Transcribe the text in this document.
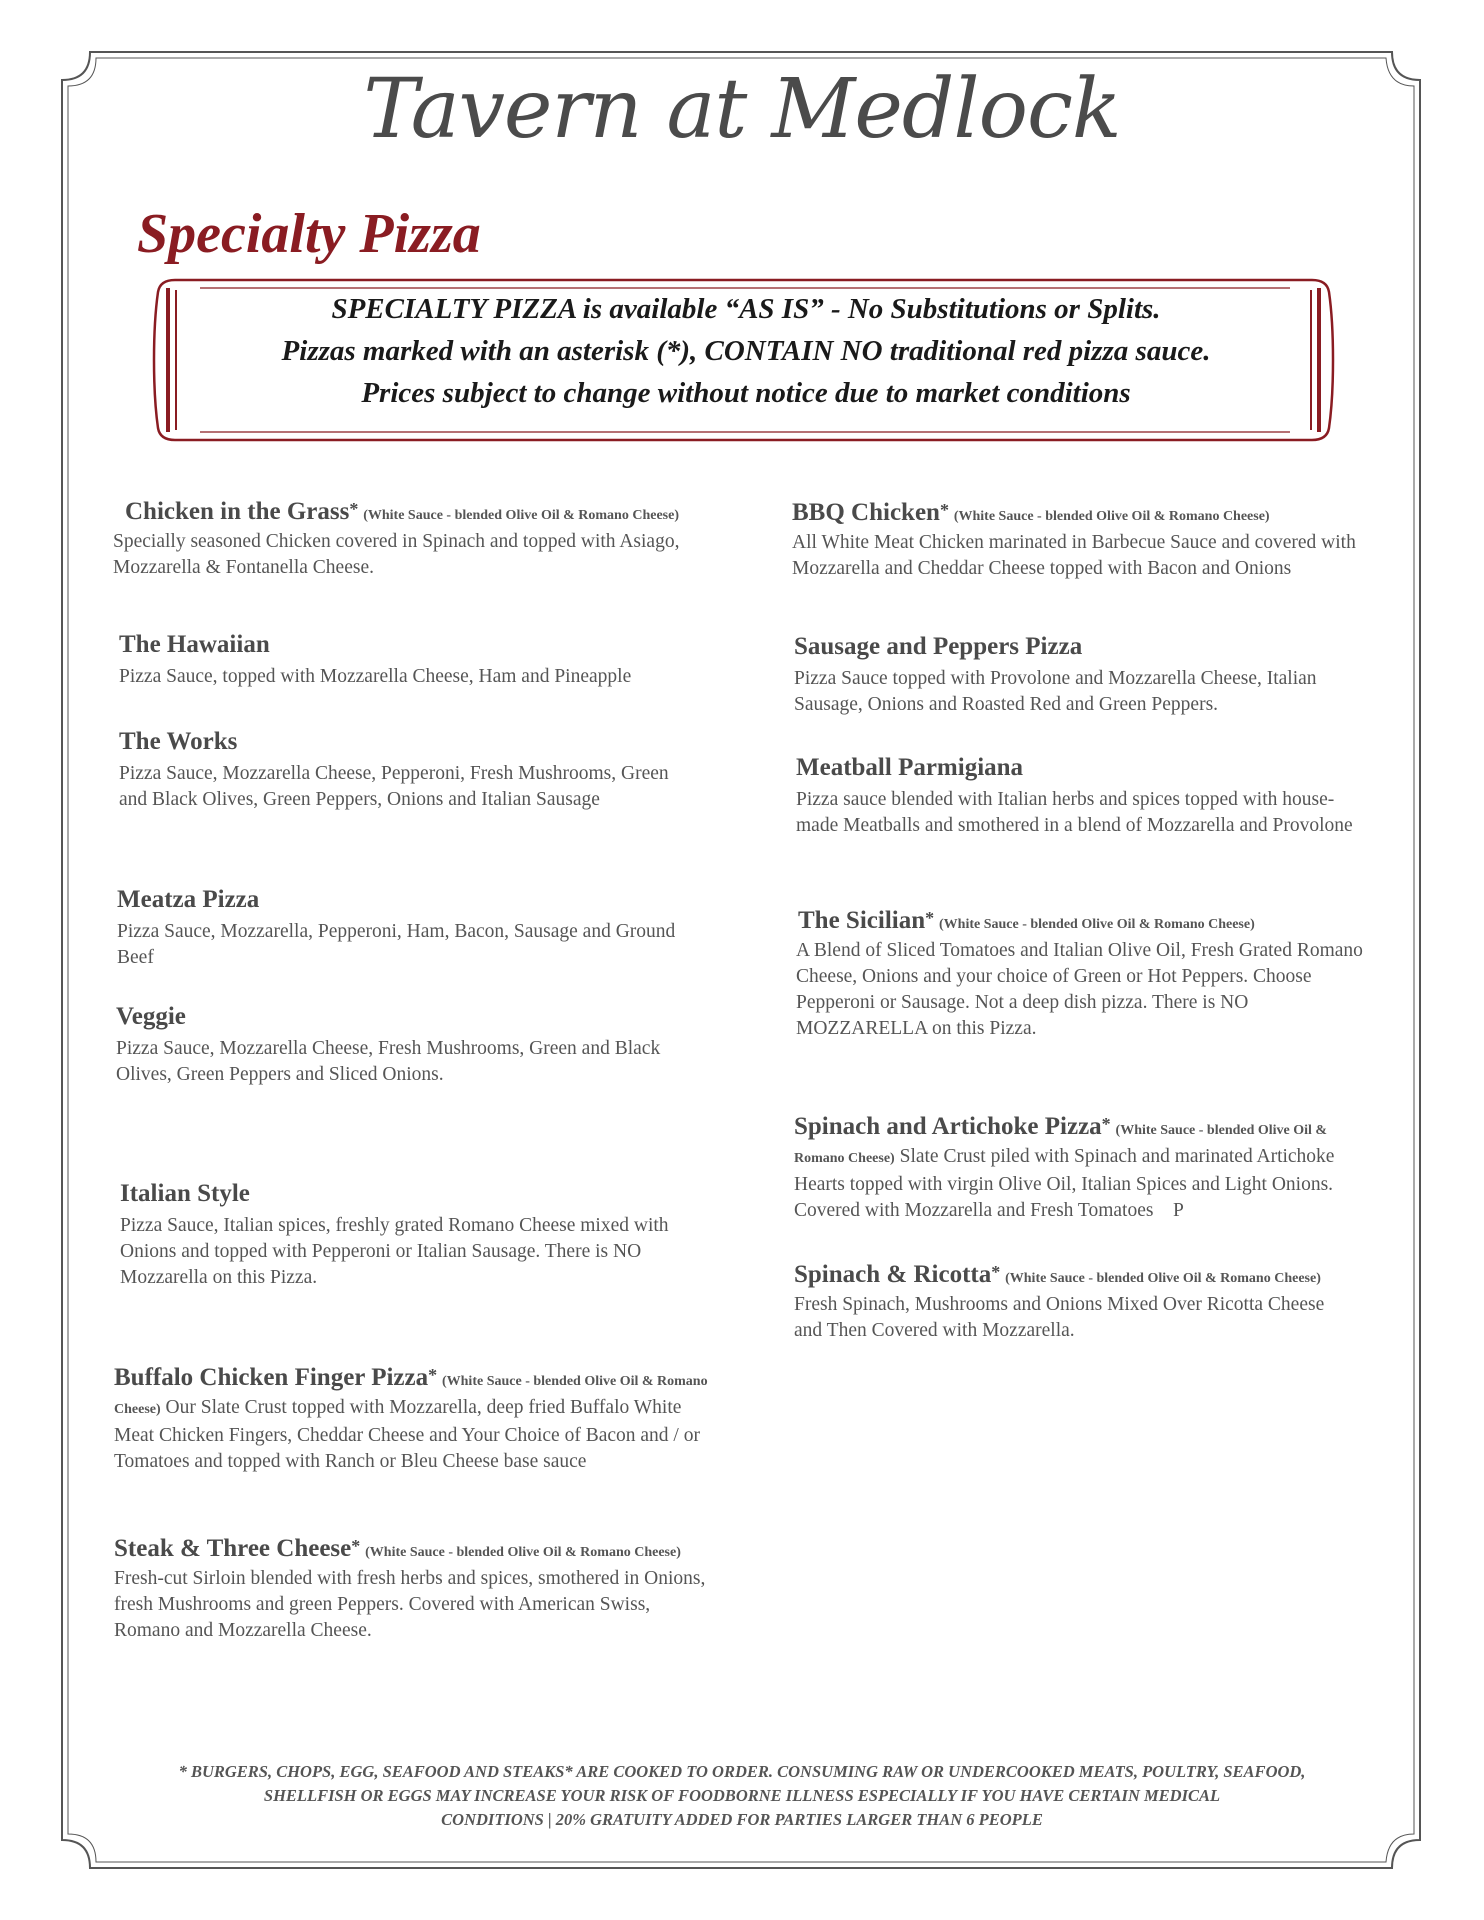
Tavern at Medlock
Specialty Pizza
SPECIALTY PIZZA is available “AS IS” - No Substitutions or Splits.
Pizzas marked with an asterisk (*), CONTAIN NO traditional red pizza sauce.
Prices subject to change without notice due to market conditions
Chicken in the Grass* (White Sauce - blended Olive Oil & Romano Cheese) Specially seasoned Chicken covered in Spinach and topped with Asiago, Mozzarella & Fontanella Cheese.
The Hawaiian
Pizza Sauce, topped with Mozzarella Cheese, Ham and Pineapple
The Works
Pizza Sauce, Mozzarella Cheese, Pepperoni, Fresh Mushrooms, Green and Black Olives, Green Peppers, Onions and Italian Sausage
Meatza Pizza
Pizza Sauce, Mozzarella, Pepperoni, Ham, Bacon, Sausage and Ground Beef
Veggie
Pizza Sauce, Mozzarella Cheese, Fresh Mushrooms, Green and Black Olives, Green Peppers and Sliced Onions.
Italian Style
Pizza Sauce, Italian spices, freshly grated Romano Cheese mixed with Onions and topped with Pepperoni or Italian Sausage. There is NO Mozzarella on this Pizza.
Buffalo Chicken Finger Pizza* (White Sauce - blended Olive Oil & Romano Cheese) Our Slate Crust topped with Mozzarella, deep fried Buffalo White Meat Chicken Fingers, Cheddar Cheese and Your Choice of Bacon and / or Tomatoes and topped with Ranch or Bleu Cheese base sauce
Steak & Three Cheese* (White Sauce - blended Olive Oil & Romano Cheese) Fresh-cut Sirloin blended with fresh herbs and spices, smothered in Onions, fresh Mushrooms and green Peppers. Covered with American Swiss, Romano and Mozzarella Cheese.
BBQ Chicken* (White Sauce - blended Olive Oil & Romano Cheese)
All White Meat Chicken marinated in Barbecue Sauce and covered with Mozzarella and Cheddar Cheese topped with Bacon and Onions
Sausage and Peppers Pizza
Pizza Sauce topped with Provolone and Mozzarella Cheese, Italian Sausage, Onions and Roasted Red and Green Peppers.
Meatball Parmigiana
Pizza sauce blended with Italian herbs and spices topped with house-made Meatballs and smothered in a blend of Mozzarella and Provolone
The Sicilian* (White Sauce - blended Olive Oil & Romano Cheese)
A Blend of Sliced Tomatoes and Italian Olive Oil, Fresh Grated Romano Cheese, Onions and your choice of Green or Hot Peppers. Choose Pepperoni or Sausage. Not a deep dish pizza. There is NO MOZZARELLA on this Pizza.
Spinach and Artichoke Pizza* (White Sauce - blended Olive Oil & Romano Cheese) Slate Crust piled with Spinach and marinated Artichoke Hearts topped with virgin Olive Oil, Italian Spices and Light Onions. Covered with Mozzarella and Fresh Tomatoes    P
Spinach & Ricotta* (White Sauce - blended Olive Oil & Romano Cheese) Fresh Spinach, Mushrooms and Onions Mixed Over Ricotta Cheese and Then Covered with Mozzarella.
* BURGERS, CHOPS, EGG, SEAFOOD AND STEAKS* ARE COOKED TO ORDER. CONSUMING RAW OR UNDERCOOKED MEATS, POULTRY, SEAFOOD,
SHELLFISH OR EGGS MAY INCREASE YOUR RISK OF FOODBORNE ILLNESS ESPECIALLY IF YOU HAVE CERTAIN MEDICAL
CONDITIONS | 20% GRATUITY ADDED FOR PARTIES LARGER THAN 6 PEOPLE
